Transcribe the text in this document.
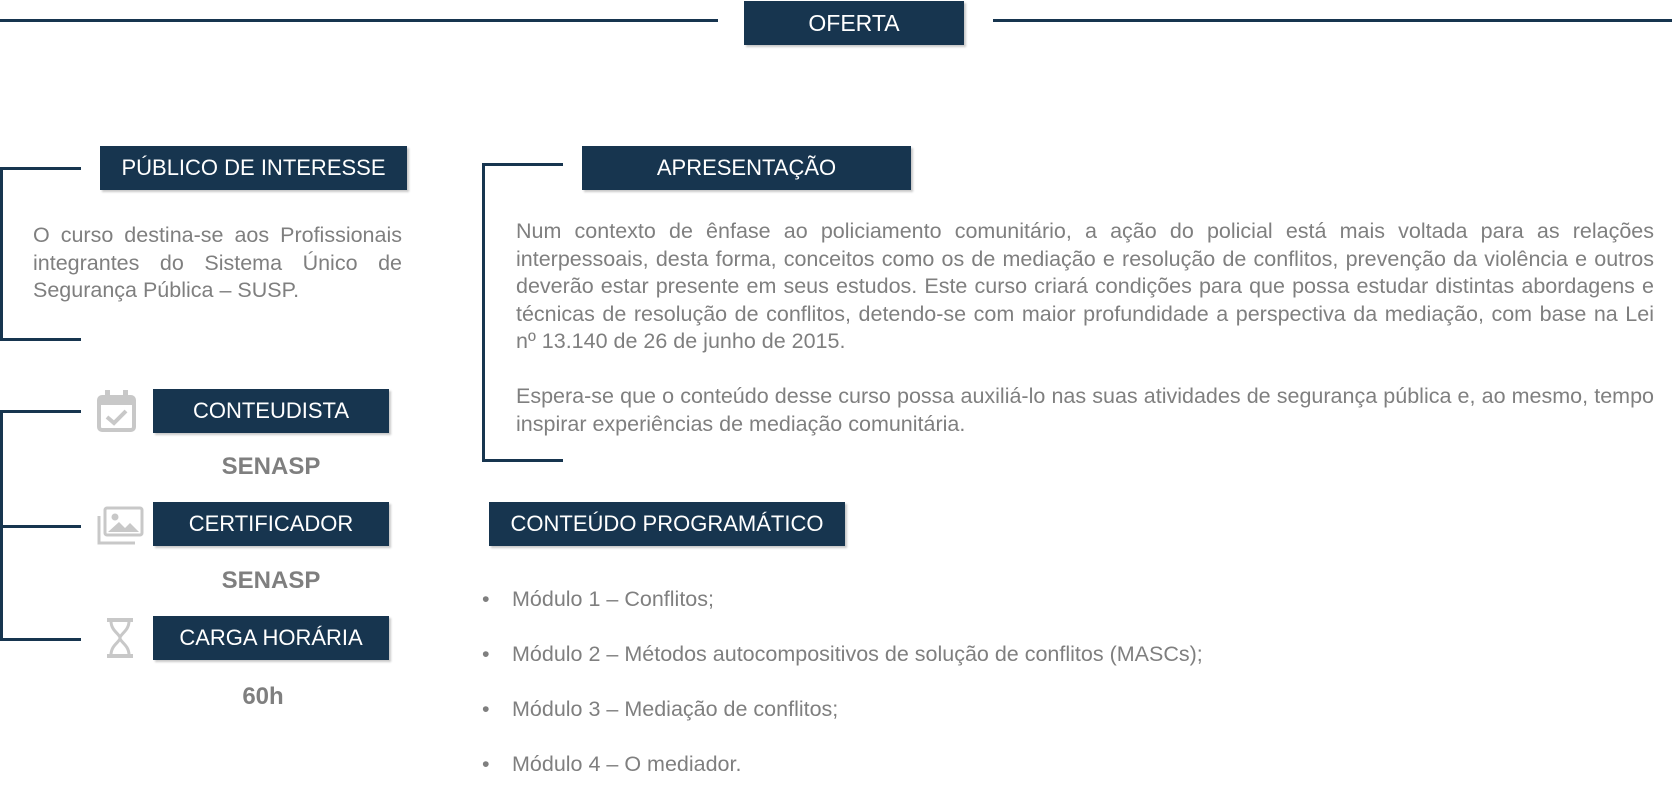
OFERTA
PÚBLICO DE INTERESSE

O curso destina-se aos Profissionais integrantes do Sistema Único de Segurança Pública – SUSP.

CONTEUDISTA
SENASP
CERTIFICADOR
SENASP
CARGA HORÁRIA
60h
APRESENTAÇÃO

Num contexto de ênfase ao policiamento comunitário, a ação do policial está mais voltada para as relações interpessoais, desta forma, conceitos como os de mediação e resolução de conflitos, prevenção da violência e outros deverão estar presente em seus estudos. Este curso criará condições para que possa estudar distintas abordagens e técnicas de resolução de conflitos, detendo-se com maior profundidade a perspectiva da mediação, com base na Lei nº 13.140 de 26 de junho de 2015.

Espera-se que o conteúdo desse curso possa auxiliá-lo nas suas atividades de segurança pública e, ao mesmo, tempo inspirar experiências de mediação comunitária.

CONTEÚDO PROGRAMÁTICO
• Módulo 1 – Conflitos;
• Módulo 2 – Métodos autocompositivos de solução de conflitos (MASCs);
• Módulo 3 – Mediação de conflitos;
• Módulo 4 – O mediador.
